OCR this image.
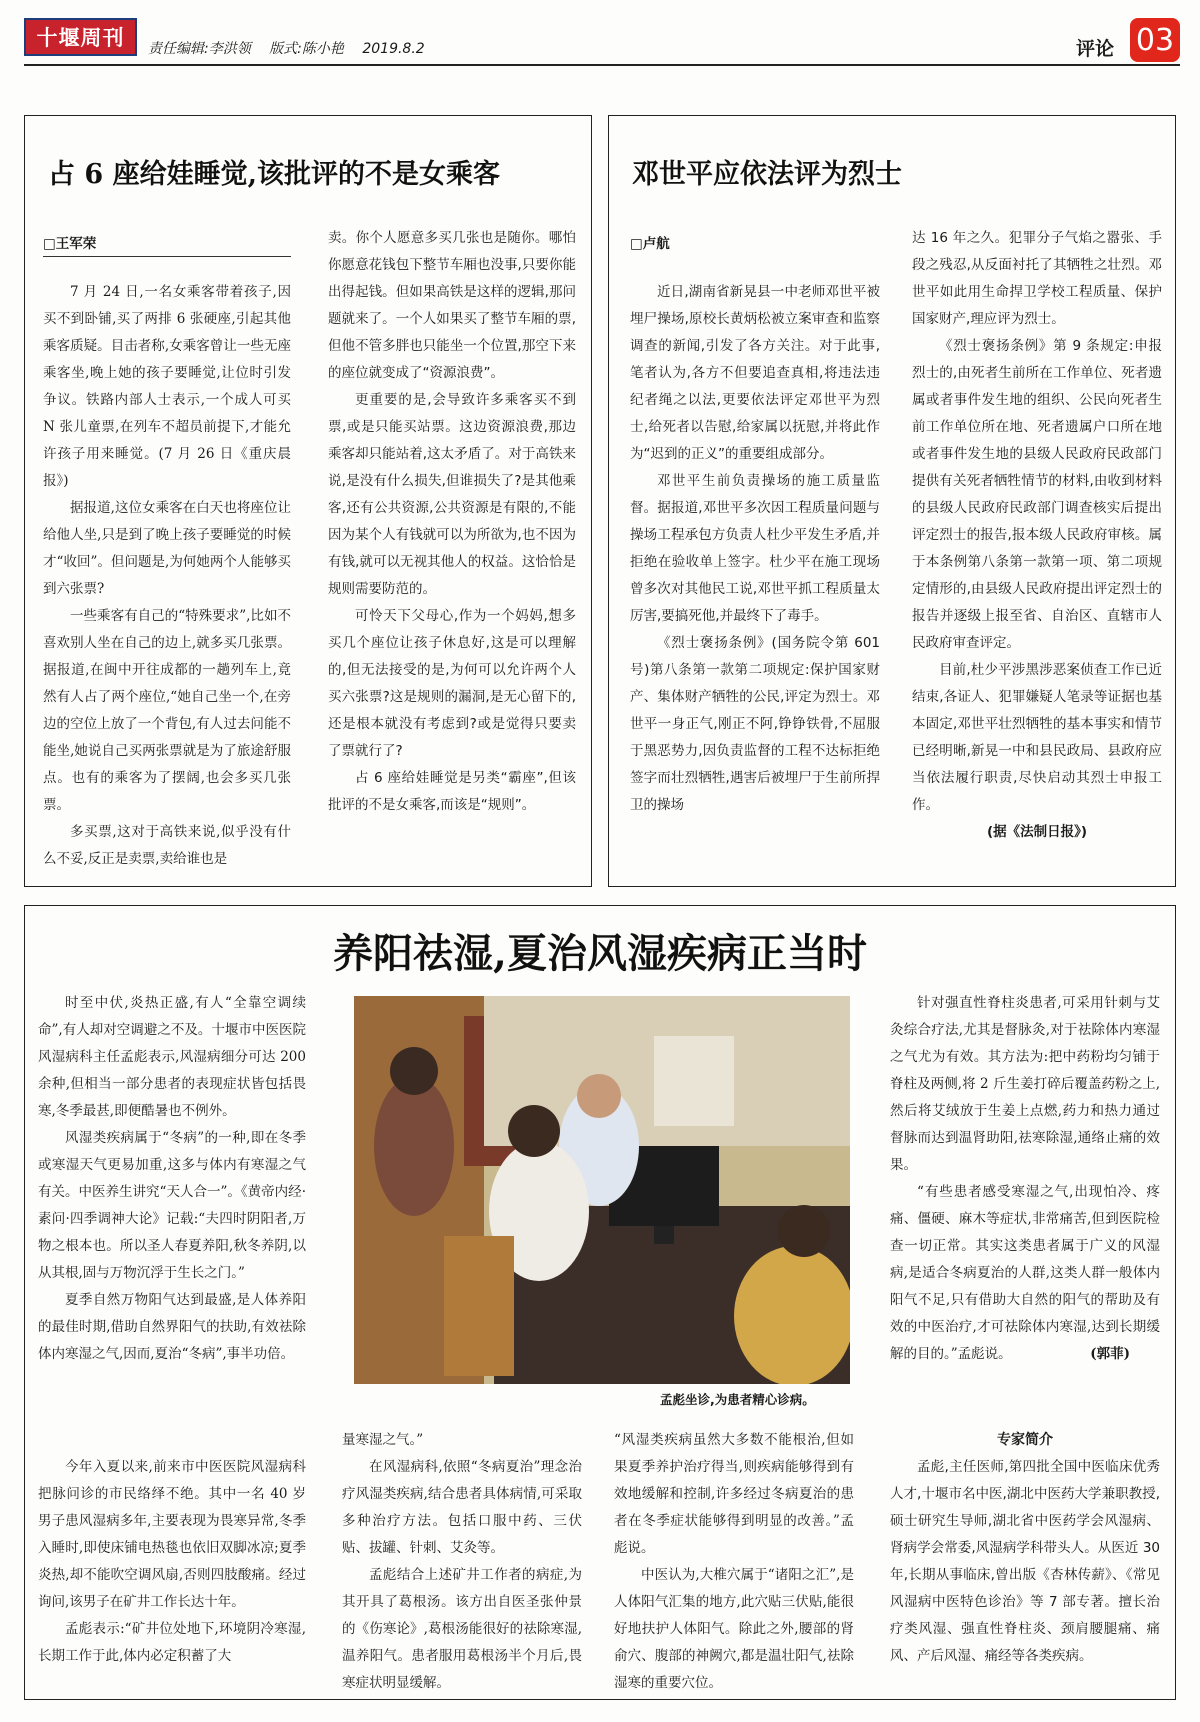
十堰周刊	责任编辑:李洪领 版式:陈小艳 2019.8.2	评论 03
占 6 座给娃睡觉,该批评的不是女乘客
□王军荣

7 月 24 日,一名女乘客带着孩子,因买不到卧铺,买了两排 6 张硬座,引起其他乘客质疑。目击者称,女乘客曾让一些无座乘客坐,晚上她的孩子要睡觉,让位时引发争议。铁路内部人士表示,一个成人可买 N 张儿童票,在列车不超员前提下,才能允许孩子用来睡觉。(7 月 26 日《重庆晨报》)

据报道,这位女乘客在白天也将座位让给他人坐,只是到了晚上孩子要睡觉的时候才“收回”。但问题是,为何她两个人能够买到六张票?

一些乘客有自己的“特殊要求”,比如不喜欢别人坐在自己的边上,就多买几张票。据报道,在闽中开往成都的一趟列车上,竟然有人占了两个座位,“她自己坐一个,在旁边的空位上放了一个背包,有人过去问能不能坐,她说自己买两张票就是为了旅途舒服点。也有的乘客为了摆阔,也会多买几张票。

多买票,这对于高铁来说,似乎没有什么不妥,反正是卖票,卖给谁也是

卖。你个人愿意多买几张也是随你。哪怕你愿意花钱包下整节车厢也没事,只要你能出得起钱。但如果高铁是这样的逻辑,那问题就来了。一个人如果买了整节车厢的票,但他不管多胖也只能坐一个位置,那空下来的座位就变成了“资源浪费”。

更重要的是,会导致许多乘客买不到票,或是只能买站票。这边资源浪费,那边乘客却只能站着,这太矛盾了。对于高铁来说,是没有什么损失,但谁损失了?是其他乘客,还有公共资源,公共资源是有限的,不能因为某个人有钱就可以为所欲为,也不因为有钱,就可以无视其他人的权益。这恰恰是规则需要防范的。

可怜天下父母心,作为一个妈妈,想多买几个座位让孩子休息好,这是可以理解的,但无法接受的是,为何可以允许两个人买六张票?这是规则的漏洞,是无心留下的,还是根本就没有考虑到?或是觉得只要卖了票就行了?

占 6 座给娃睡觉是另类“霸座”,但该批评的不是女乘客,而该是“规则”。

邓世平应依法评为烈士
□卢航

近日,湖南省新晃县一中老师邓世平被埋尸操场,原校长黄炳松被立案审查和监察调查的新闻,引发了各方关注。对于此事,笔者认为,各方不但要追查真相,将违法违纪者绳之以法,更要依法评定邓世平为烈士,给死者以告慰,给家属以抚慰,并将此作为“迟到的正义”的重要组成部分。

邓世平生前负责操场的施工质量监督。据报道,邓世平多次因工程质量问题与操场工程承包方负责人杜少平发生矛盾,并拒绝在验收单上签字。杜少平在施工现场曾多次对其他民工说,邓世平抓工程质量太厉害,要搞死他,并最终下了毒手。

《烈士褒扬条例》(国务院令第 601 号)第八条第一款第二项规定:保护国家财产、集体财产牺牲的公民,评定为烈士。邓世平一身正气,刚正不阿,铮铮铁骨,不屈服于黑恶势力,因负责监督的工程不达标拒绝签字而壮烈牺牲,遇害后被埋尸于生前所捍卫的操场

达 16 年之久。犯罪分子气焰之嚣张、手段之残忍,从反面衬托了其牺牲之壮烈。邓世平如此用生命捍卫学校工程质量、保护国家财产,理应评为烈士。

《烈士褒扬条例》第 9 条规定:申报烈士的,由死者生前所在工作单位、死者遗属或者事件发生地的组织、公民向死者生前工作单位所在地、死者遗属户口所在地或者事件发生地的县级人民政府民政部门提供有关死者牺牲情节的材料,由收到材料的县级人民政府民政部门调查核实后提出评定烈士的报告,报本级人民政府审核。属于本条例第八条第一款第一项、第二项规定情形的,由县级人民政府提出评定烈士的报告并逐级上报至省、自治区、直辖市人民政府审查评定。

目前,杜少平涉黑涉恶案侦查工作已近结束,各证人、犯罪嫌疑人笔录等证据也基本固定,邓世平壮烈牺牲的基本事实和情节已经明晰,新晃一中和县民政局、县政府应当依法履行职责,尽快启动其烈士申报工作。

(据《法制日报》)
养阳祛湿,夏治风湿疾病正当时

时至中伏,炎热正盛,有人“全靠空调续命”,有人却对空调避之不及。十堰市中医医院风湿病科主任孟彪表示,风湿病细分可达 200 余种,但相当一部分患者的表现症状皆包括畏寒,冬季最甚,即便酷暑也不例外。

风湿类疾病属于“冬病”的一种,即在冬季或寒湿天气更易加重,这多与体内有寒湿之气有关。中医养生讲究“天人合一”。《黄帝内经·素问·四季调神大论》记载:“夫四时阴阳者,万物之根本也。所以圣人春夏养阳,秋冬养阴,以从其根,固与万物沉浮于生长之门。”

夏季自然万物阳气达到最盛,是人体养阳的最佳时期,借助自然界阳气的扶助,有效祛除体内寒湿之气,因而,夏治“冬病”,事半功倍。

孟彪坐诊,为患者精心诊病。

针对强直性脊柱炎患者,可采用针刺与艾灸综合疗法,尤其是督脉灸,对于祛除体内寒湿之气尤为有效。其方法为:把中药粉均匀铺于脊柱及两侧,将 2 斤生姜打碎后覆盖药粉之上,然后将艾绒放于生姜上点燃,药力和热力通过督脉而达到温肾助阳,祛寒除湿,通络止痛的效果。

“有些患者感受寒湿之气,出现怕冷、疼痛、僵硬、麻木等症状,非常痛苦,但到医院检查一切正常。其实这类患者属于广义的风湿病,是适合冬病夏治的人群,这类人群一般体内阳气不足,只有借助大自然的阳气的帮助及有效的中医治疗,才可祛除体内寒湿,达到长期缓解的目的。”孟彪说。	(郭菲)

今年入夏以来,前来市中医医院风湿病科把脉问诊的市民络绎不绝。其中一名 40 岁男子患风湿病多年,主要表现为畏寒异常,冬季入睡时,即使床铺电热毯也依旧双脚冰凉;夏季炎热,却不能吹空调风扇,否则四肢酸痛。经过询问,该男子在矿井工作长达十年。

孟彪表示:“矿井位处地下,环境阴冷寒湿,长期工作于此,体内必定积蓄了大

量寒湿之气。”

在风湿病科,依照“冬病夏治”理念治疗风湿类疾病,结合患者具体病情,可采取多种治疗方法。包括口服中药、三伏贴、拔罐、针刺、艾灸等。

孟彪结合上述矿井工作者的病症,为其开具了葛根汤。该方出自医圣张仲景的《伤寒论》,葛根汤能很好的祛除寒湿,温养阳气。患者服用葛根汤半个月后,畏寒症状明显缓解。

“风湿类疾病虽然大多数不能根治,但如果夏季养护治疗得当,则疾病能够得到有效地缓解和控制,许多经过冬病夏治的患者在冬季症状能够得到明显的改善。”孟彪说。

中医认为,大椎穴属于“诸阳之汇”,是人体阳气汇集的地方,此穴贴三伏贴,能很好地扶护人体阳气。除此之外,腰部的肾俞穴、腹部的神阙穴,都是温壮阳气,祛除湿寒的重要穴位。

专家简介

孟彪,主任医师,第四批全国中医临床优秀人才,十堰市名中医,湖北中医药大学兼职教授,硕士研究生导师,湖北省中医药学会风湿病、肾病学会常委,风湿病学科带头人。从医近 30 年,长期从事临床,曾出版《杏林传薪》、《常见风湿病中医特色诊治》等 7 部专著。擅长治疗类风湿、强直性脊柱炎、颈肩腰腿痛、痛风、产后风湿、痛经等各类疾病。
